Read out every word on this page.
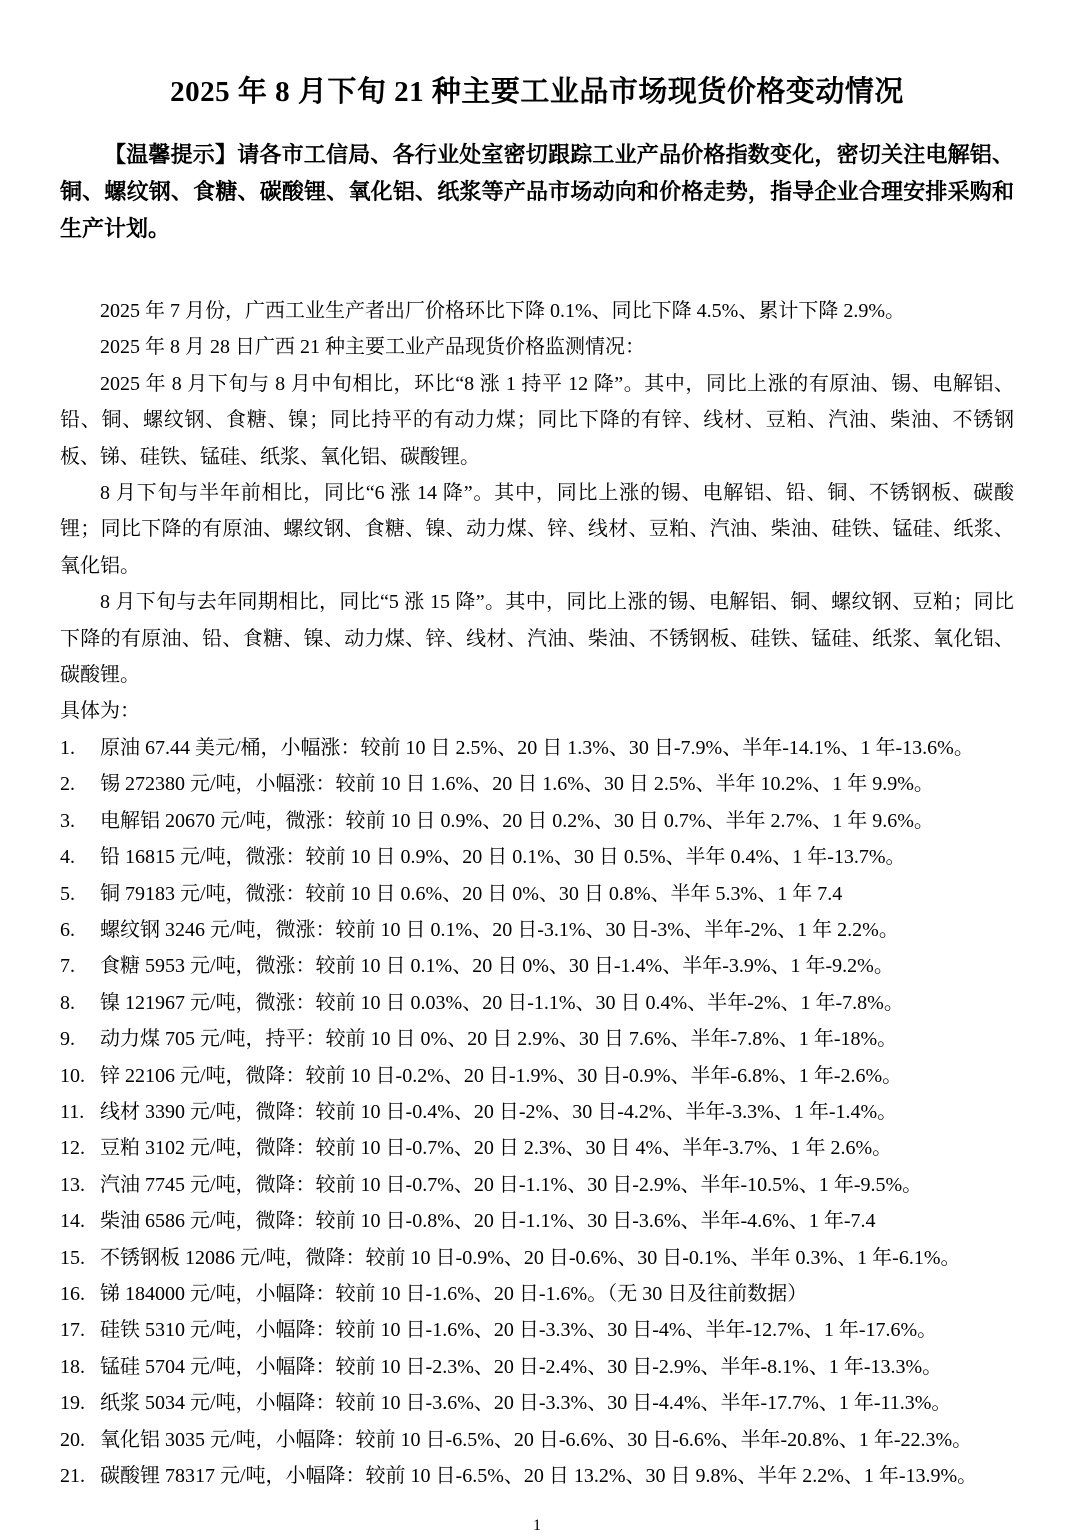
2025 年 8 月下旬 21 种主要工业品市场现货价格变动情况

【温馨提示】请各市工信局、各行业处室密切跟踪工业产品价格指数变化，密切关注电解铝、铜、螺纹钢、食糖、碳酸锂、氧化铝、纸浆等产品市场动向和价格走势，指导企业合理安排采购和生产计划。

2025 年 7 月份，广西工业生产者出厂价格环比下降 0.1%、同比下降 4.5%、累计下降 2.9%。

2025 年 8 月 28 日广西 21 种主要工业产品现货价格监测情况：

2025 年 8 月下旬与 8 月中旬相比，环比“8 涨 1 持平 12 降”。其中，同比上涨的有原油、锡、电解铝、铅、铜、螺纹钢、食糖、镍；同比持平的有动力煤；同比下降的有锌、线材、豆粕、汽油、柴油、不锈钢板、锑、硅铁、锰硅、纸浆、氧化铝、碳酸锂。

8 月下旬与半年前相比，同比“6 涨 14 降”。其中，同比上涨的锡、电解铝、铅、铜、不锈钢板、碳酸锂；同比下降的有原油、螺纹钢、食糖、镍、动力煤、锌、线材、豆粕、汽油、柴油、硅铁、锰硅、纸浆、氧化铝。

8 月下旬与去年同期相比，同比“5 涨 15 降”。其中，同比上涨的锡、电解铝、铜、螺纹钢、豆粕；同比下降的有原油、铅、食糖、镍、动力煤、锌、线材、汽油、柴油、不锈钢板、硅铁、锰硅、纸浆、氧化铝、碳酸锂。

具体为：

1.	原油 67.44 美元/桶，小幅涨：较前 10 日 2.5%、20 日 1.3%、30 日-7.9%、半年-14.1%、1 年-13.6%。
2.	锡 272380 元/吨，小幅涨：较前 10 日 1.6%、20 日 1.6%、30 日 2.5%、半年 10.2%、1 年 9.9%。
3.	电解铝 20670 元/吨，微涨：较前 10 日 0.9%、20 日 0.2%、30 日 0.7%、半年 2.7%、1 年 9.6%。
4.	铅 16815 元/吨，微涨：较前 10 日 0.9%、20 日 0.1%、30 日 0.5%、半年 0.4%、1 年-13.7%。
5.	铜 79183 元/吨，微涨：较前 10 日 0.6%、20 日 0%、30 日 0.8%、半年 5.3%、1 年 7.4
6.	螺纹钢 3246 元/吨，微涨：较前 10 日 0.1%、20 日-3.1%、30 日-3%、半年-2%、1 年 2.2%。
7.	食糖 5953 元/吨，微涨：较前 10 日 0.1%、20 日 0%、30 日-1.4%、半年-3.9%、1 年-9.2%。
8.	镍 121967 元/吨，微涨：较前 10 日 0.03%、20 日-1.1%、30 日 0.4%、半年-2%、1 年-7.8%。
9.	动力煤 705 元/吨，持平：较前 10 日 0%、20 日 2.9%、30 日 7.6%、半年-7.8%、1 年-18%。
10. 锌 22106 元/吨，微降：较前 10 日-0.2%、20 日-1.9%、30 日-0.9%、半年-6.8%、1 年-2.6%。
11. 线材 3390 元/吨，微降：较前 10 日-0.4%、20 日-2%、30 日-4.2%、半年-3.3%、1 年-1.4%。
12. 豆粕 3102 元/吨，微降：较前 10 日-0.7%、20 日 2.3%、30 日 4%、半年-3.7%、1 年 2.6%。
13. 汽油 7745 元/吨，微降：较前 10 日-0.7%、20 日-1.1%、30 日-2.9%、半年-10.5%、1 年-9.5%。
14. 柴油 6586 元/吨，微降：较前 10 日-0.8%、20 日-1.1%、30 日-3.6%、半年-4.6%、1 年-7.4
15. 不锈钢板 12086 元/吨，微降：较前 10 日-0.9%、20 日-0.6%、30 日-0.1%、半年 0.3%、1 年-6.1%。
16. 锑 184000 元/吨，小幅降：较前 10 日-1.6%、20 日-1.6%。（无 30 日及往前数据）
17. 硅铁 5310 元/吨，小幅降：较前 10 日-1.6%、20 日-3.3%、30 日-4%、半年-12.7%、1 年-17.6%。
18. 锰硅 5704 元/吨，小幅降：较前 10 日-2.3%、20 日-2.4%、30 日-2.9%、半年-8.1%、1 年-13.3%。
19. 纸浆 5034 元/吨，小幅降：较前 10 日-3.6%、20 日-3.3%、30 日-4.4%、半年-17.7%、1 年-11.3%。
20. 氧化铝 3035 元/吨，小幅降：较前 10 日-6.5%、20 日-6.6%、30 日-6.6%、半年-20.8%、1 年-22.3%。
21. 碳酸锂 78317 元/吨，小幅降：较前 10 日-6.5%、20 日 13.2%、30 日 9.8%、半年 2.2%、1 年-13.9%。
1
